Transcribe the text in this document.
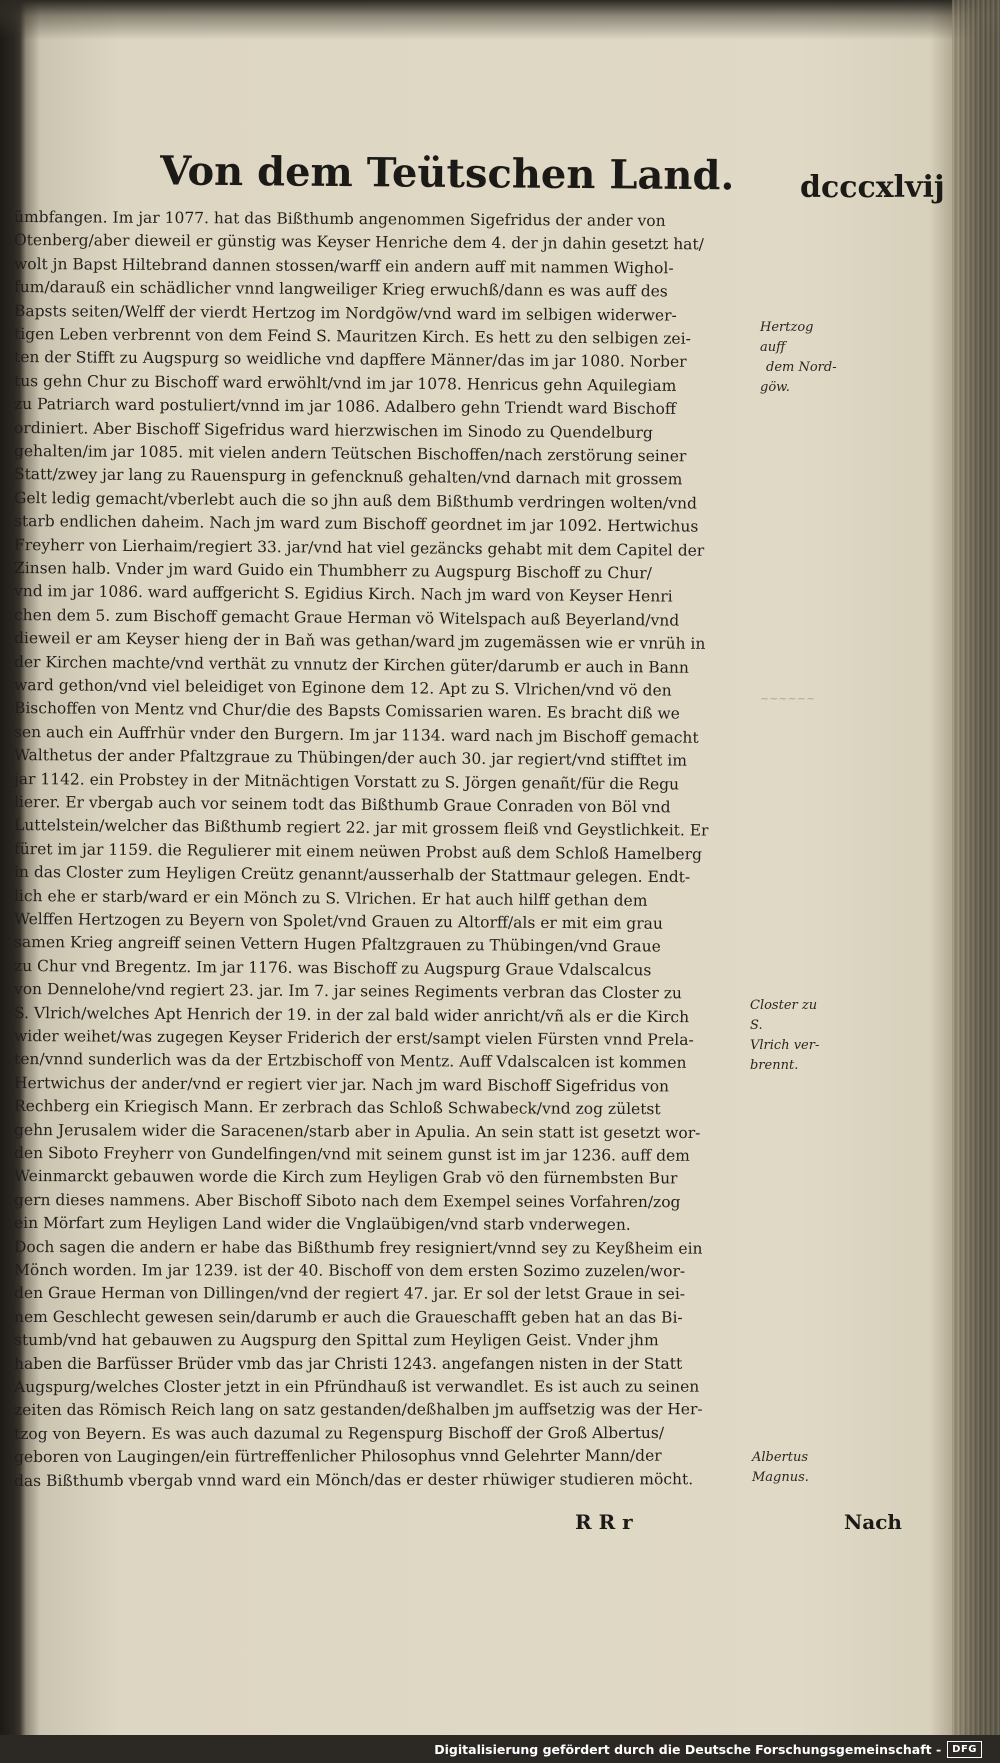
Von dem Teütschen Land.	dcccxlvij
ümbfangen. Im jar 1077. hat das Bißthumb angenommen Sigefridus der ander von
Otenberg/aber dieweil er günstig was Keyser Henriche dem 4. der jn dahin gesetzt hat/
wolt jn Bapst Hiltebrand dannen stossen/warff ein andern auff mit nammen Wighol-
fum/darauß ein schädlicher vnnd langweiliger Krieg erwuchß/dann es was auff des
Bapsts seiten/Welff der vierdt Hertzog im Nordgöw/vnd ward im selbigen widerwer-
tigen Leben verbrennt von dem Feind S. Mauritzen Kirch. Es hett zu den selbigen zei-
ten der Stifft zu Augspurg so weidliche vnd dapffere Männer/das im jar 1080. Norber
tus gehn Chur zu Bischoff ward erwöhlt/vnd im jar 1078. Henricus gehn Aquilegiam
zu Patriarch ward postuliert/vnnd im jar 1086. Adalbero gehn Triendt ward Bischoff
ordiniert. Aber Bischoff Sigefridus ward hierzwischen im Sinodo zu Quendelburg
gehalten/im jar 1085. mit vielen andern Teütschen Bischoffen/nach zerstörung seiner
Statt/zwey jar lang zu Rauenspurg in gefencknuß gehalten/vnd darnach mit grossem
Gelt ledig gemacht/vberlebt auch die so jhn auß dem Bißthumb verdringen wolten/vnd
starb endlichen daheim. Nach jm ward zum Bischoff geordnet im jar 1092. Hertwichus
Freyherr von Lierhaim/regiert 33. jar/vnd hat viel gezäncks gehabt mit dem Capitel der
Zinsen halb. Vnder jm ward Guido ein Thumbherr zu Augspurg Bischoff zu Chur/
vnd im jar 1086. ward auffgericht S. Egidius Kirch. Nach jm ward von Keyser Henri
chen dem 5. zum Bischoff gemacht Graue Herman vö Witelspach auß Beyerland/vnd
dieweil er am Keyser hieng der in Baň was gethan/ward jm zugemässen wie er vnrüh in
der Kirchen machte/vnd verthät zu vnnutz der Kirchen güter/darumb er auch in Bann
ward gethon/vnd viel beleidiget von Eginone dem 12. Apt zu S. Vlrichen/vnd vö den
Bischoffen von Mentz vnd Chur/die des Bapsts Comissarien waren. Es bracht diß we
sen auch ein Auffrhür vnder den Burgern. Im jar 1134. ward nach jm Bischoff gemacht
Walthetus der ander Pfaltzgraue zu Thübingen/der auch 30. jar regiert/vnd stifftet im
jar 1142. ein Probstey in der Mitnächtigen Vorstatt zu S. Jörgen genañt/für die Regu
lierer. Er vbergab auch vor seinem todt das Bißthumb Graue Conraden von Böl vnd
Luttelstein/welcher das Bißthumb regiert 22. jar mit grossem fleiß vnd Geystlichkeit. Er
füret im jar 1159. die Regulierer mit einem neüwen Probst auß dem Schloß Hamelberg
in das Closter zum Heyligen Creütz genannt/ausserhalb der Stattmaur gelegen. Endt-
lich ehe er starb/ward er ein Mönch zu S. Vlrichen. Er hat auch hilff gethan dem
Welffen Hertzogen zu Beyern von Spolet/vnd Grauen zu Altorff/als er mit eim grau
samen Krieg angreiff seinen Vettern Hugen Pfaltzgrauen zu Thübingen/vnd Graue
zu Chur vnd Bregentz. Im jar 1176. was Bischoff zu Augspurg Graue Vdalscalcus
von Dennelohe/vnd regiert 23. jar. Im 7. jar seines Regiments verbran das Closter zu
S. Vlrich/welches Apt Henrich der 19. in der zal bald wider anricht/vñ als er die Kirch
wider weihet/was zugegen Keyser Friderich der erst/sampt vielen Fürsten vnnd Prela-
ten/vnnd sunderlich was da der Ertzbischoff von Mentz. Auff Vdalscalcen ist kommen
Hertwichus der ander/vnd er regiert vier jar. Nach jm ward Bischoff Sigefridus von
Rechberg ein Kriegisch Mann. Er zerbrach das Schloß Schwabeck/vnd zog zületst
gehn Jerusalem wider die Saracenen/starb aber in Apulia. An sein statt ist gesetzt wor-
den Siboto Freyherr von Gundelfingen/vnd mit seinem gunst ist im jar 1236. auff dem
Weinmarckt gebauwen worde die Kirch zum Heyligen Grab vö den fürnembsten Bur
gern dieses nammens. Aber Bischoff Siboto nach dem Exempel seines Vorfahren/zog
ein Mörfart zum Heyligen Land wider die Vnglaübigen/vnd starb vnderwegen.
Doch sagen die andern er habe das Bißthumb frey resigniert/vnnd sey zu Keyßheim ein
Mönch worden. Im jar 1239. ist der 40. Bischoff von dem ersten Sozimo zuzelen/wor-
den Graue Herman von Dillingen/vnd der regiert 47. jar. Er sol der letst Graue in sei-
nem Geschlecht gewesen sein/darumb er auch die Graueschafft geben hat an das Bi-
stumb/vnd hat gebauwen zu Augspurg den Spittal zum Heyligen Geist. Vnder jhm
haben die Barfüsser Brüder vmb das jar Christi 1243. angefangen nisten in der Statt
Augspurg/welches Closter jetzt in ein Pfründhauß ist verwandlet. Es ist auch zu seinen
zeiten das Römisch Reich lang on satz gestanden/deßhalben jm auffsetzig was der Her-
tzog von Beyern. Es was auch dazumal zu Regenspurg Bischoff der Groß Albertus/
geboren von Laugingen/ein fürtreffenlicher Philosophus vnnd Gelehrter Mann/der
das Bißthumb vbergab vnnd ward ein Mönch/das er dester rhüwiger studieren möcht.
Hertzog auff
dem Nord-
göw.
~~~~~~
Closter zu S.
Vlrich ver-
brennt.
Albertus
Magnus.
R R r	Nach
Digitalisierung gefördert durch die Deutsche Forschungsgemeinschaft -	DFG
